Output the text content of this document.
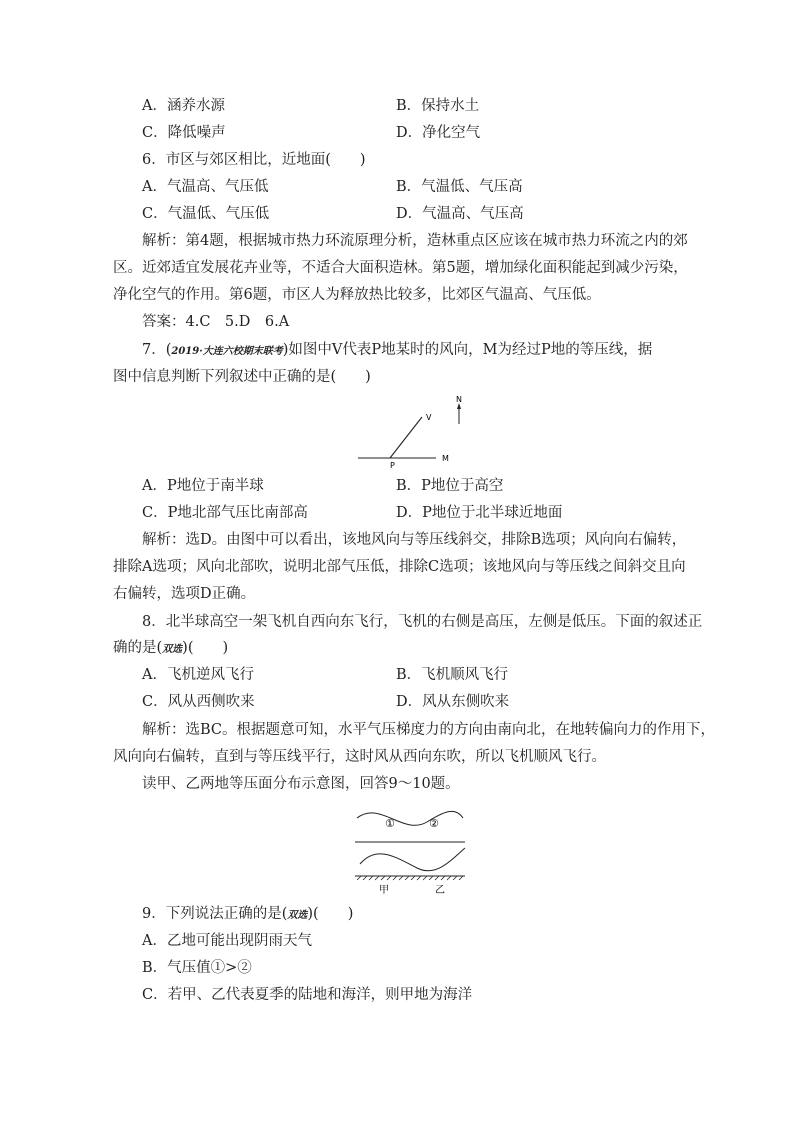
A．涵养水源	B．保持水土
C．降低噪声	D．净化空气
6．市区与郊区相比，近地面(　　)
A．气温高、气压低	B．气温低、气压高
C．气温低、气压低	D．气温高、气压高
解析：第4题，根据城市热力环流原理分析，造林重点区应该在城市热力环流之内的郊
区。近郊适宜发展花卉业等，不适合大面积造林。第5题，增加绿化面积能起到减少污染，
净化空气的作用。第6题，市区人为释放热比较多，比郊区气温高、气压低。
答案：4.C　5.D　6.A
7．(2019·大连六校期末联考)如图中V代表P地某时的风向，M为经过P地的等压线，据
图中信息判断下列叙述中正确的是(　　)
V
N
P
M
A．P地位于南半球	B．P地位于高空
C．P地北部气压比南部高	D．P地位于北半球近地面
解析：选D。由图中可以看出，该地风向与等压线斜交，排除B选项；风向向右偏转，
排除A选项；风向北部吹，说明北部气压低，排除C选项；该地风向与等压线之间斜交且向
右偏转，选项D正确。
8．北半球高空一架飞机自西向东飞行，飞机的右侧是高压，左侧是低压。下面的叙述正
确的是(双选)(　　)
A．飞机逆风飞行	B．飞机顺风飞行
C．风从西侧吹来	D．风从东侧吹来
解析：选BC。根据题意可知，水平气压梯度力的方向由南向北，在地转偏向力的作用下，
风向向右偏转，直到与等压线平行，这时风从西向东吹，所以飞机顺风飞行。
读甲、乙两地等压面分布示意图，回答9～10题。
①	②
甲	乙
9．下列说法正确的是(双选)(　　)
A．乙地可能出现阴雨天气
B．气压值①>②
C．若甲、乙代表夏季的陆地和海洋，则甲地为海洋
